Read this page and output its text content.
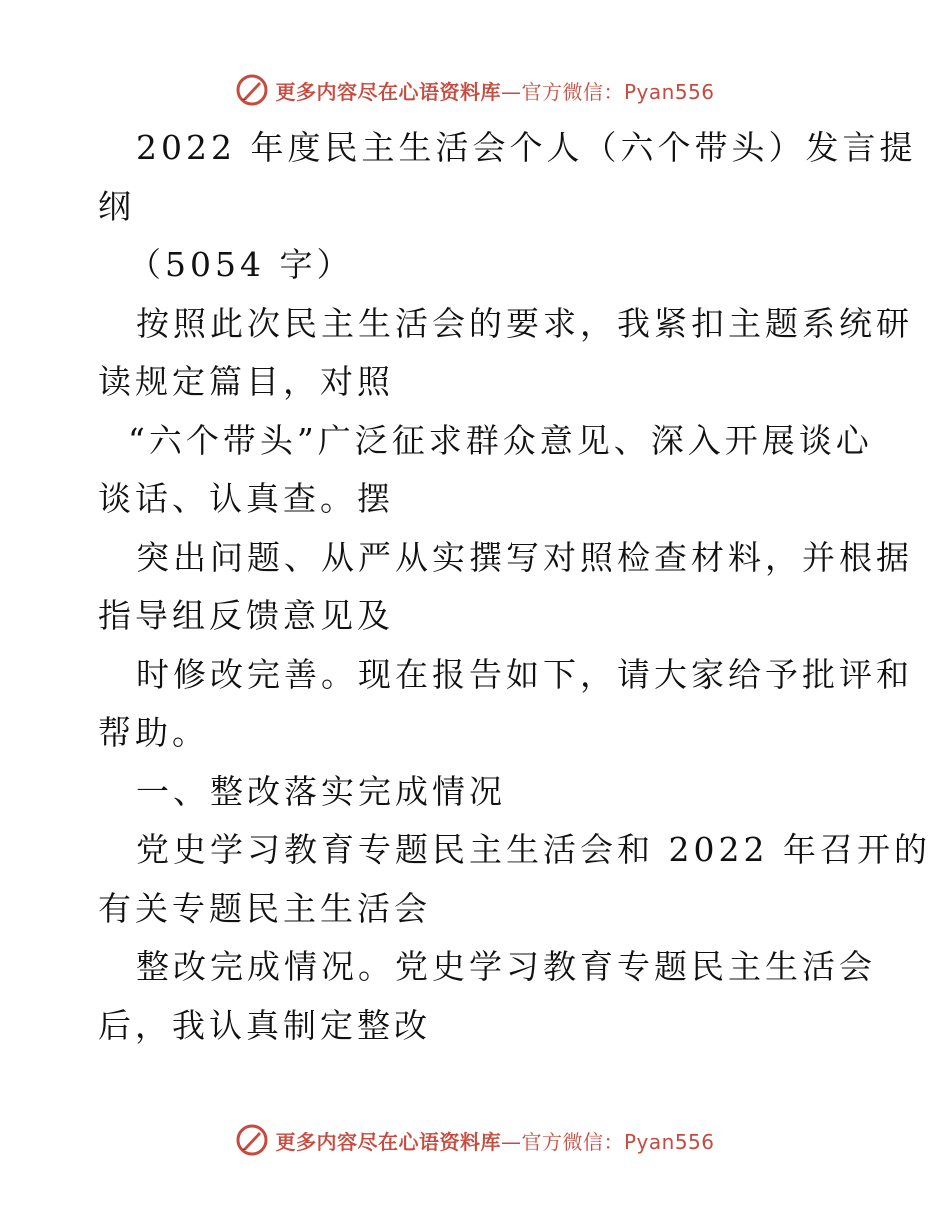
更多内容尽在心语资料库—官方微信：Pyan556

2022 年度民主生活会个人（六个带头）发言提

纲

（5054 字）

按照此次民主生活会的要求，我紧扣主题系统研

读规定篇目，对照

“六个带头”广泛征求群众意见、深入开展谈心

谈话、认真查。摆

突出问题、从严从实撰写对照检查材料，并根据

指导组反馈意见及

时修改完善。现在报告如下，请大家给予批评和

帮助。

一、整改落实完成情况

党史学习教育专题民主生活会和 2022 年召开的

有关专题民主生活会

整改完成情况。党史学习教育专题民主生活会

后，我认真制定整改

更多内容尽在心语资料库—官方微信：Pyan556
